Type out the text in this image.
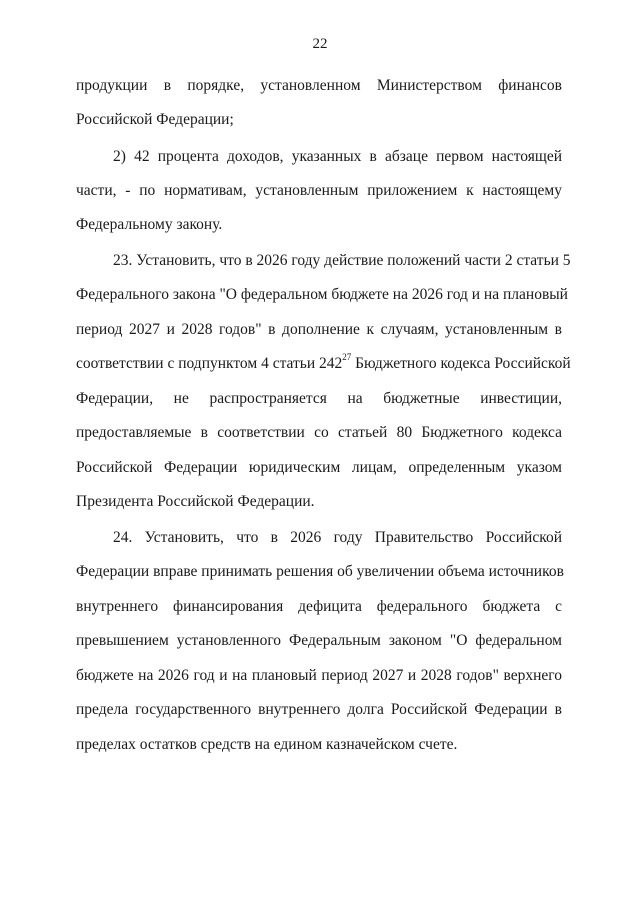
22
продукции в порядке, установленном Министерством финансов
Российской Федерации;
2) 42 процента доходов, указанных в абзаце первом настоящей
части, - по нормативам, установленным приложением к настоящему
Федеральному закону.
23. Установить, что в 2026 году действие положений части 2 статьи 5
Федерального закона "О федеральном бюджете на 2026 год и на плановый
период 2027 и 2028 годов" в дополнение к случаям, установленным в
соответствии с подпунктом 4 статьи $242^{27}$ Бюджетного кодекса Российской
Федерации, не распространяется на бюджетные инвестиции,
предоставляемые в соответствии со статьей 80 Бюджетного кодекса
Российской Федерации юридическим лицам, определенным указом
Президента Российской Федерации.
24. Установить, что в 2026 году Правительство Российской
Федерации вправе принимать решения об увеличении объема источников
внутреннего финансирования дефицита федерального бюджета с
превышением установленного Федеральным законом "О федеральном
бюджете на 2026 год и на плановый период 2027 и 2028 годов" верхнего
предела государственного внутреннего долга Российской Федерации в
пределах остатков средств на едином казначейском счете.
